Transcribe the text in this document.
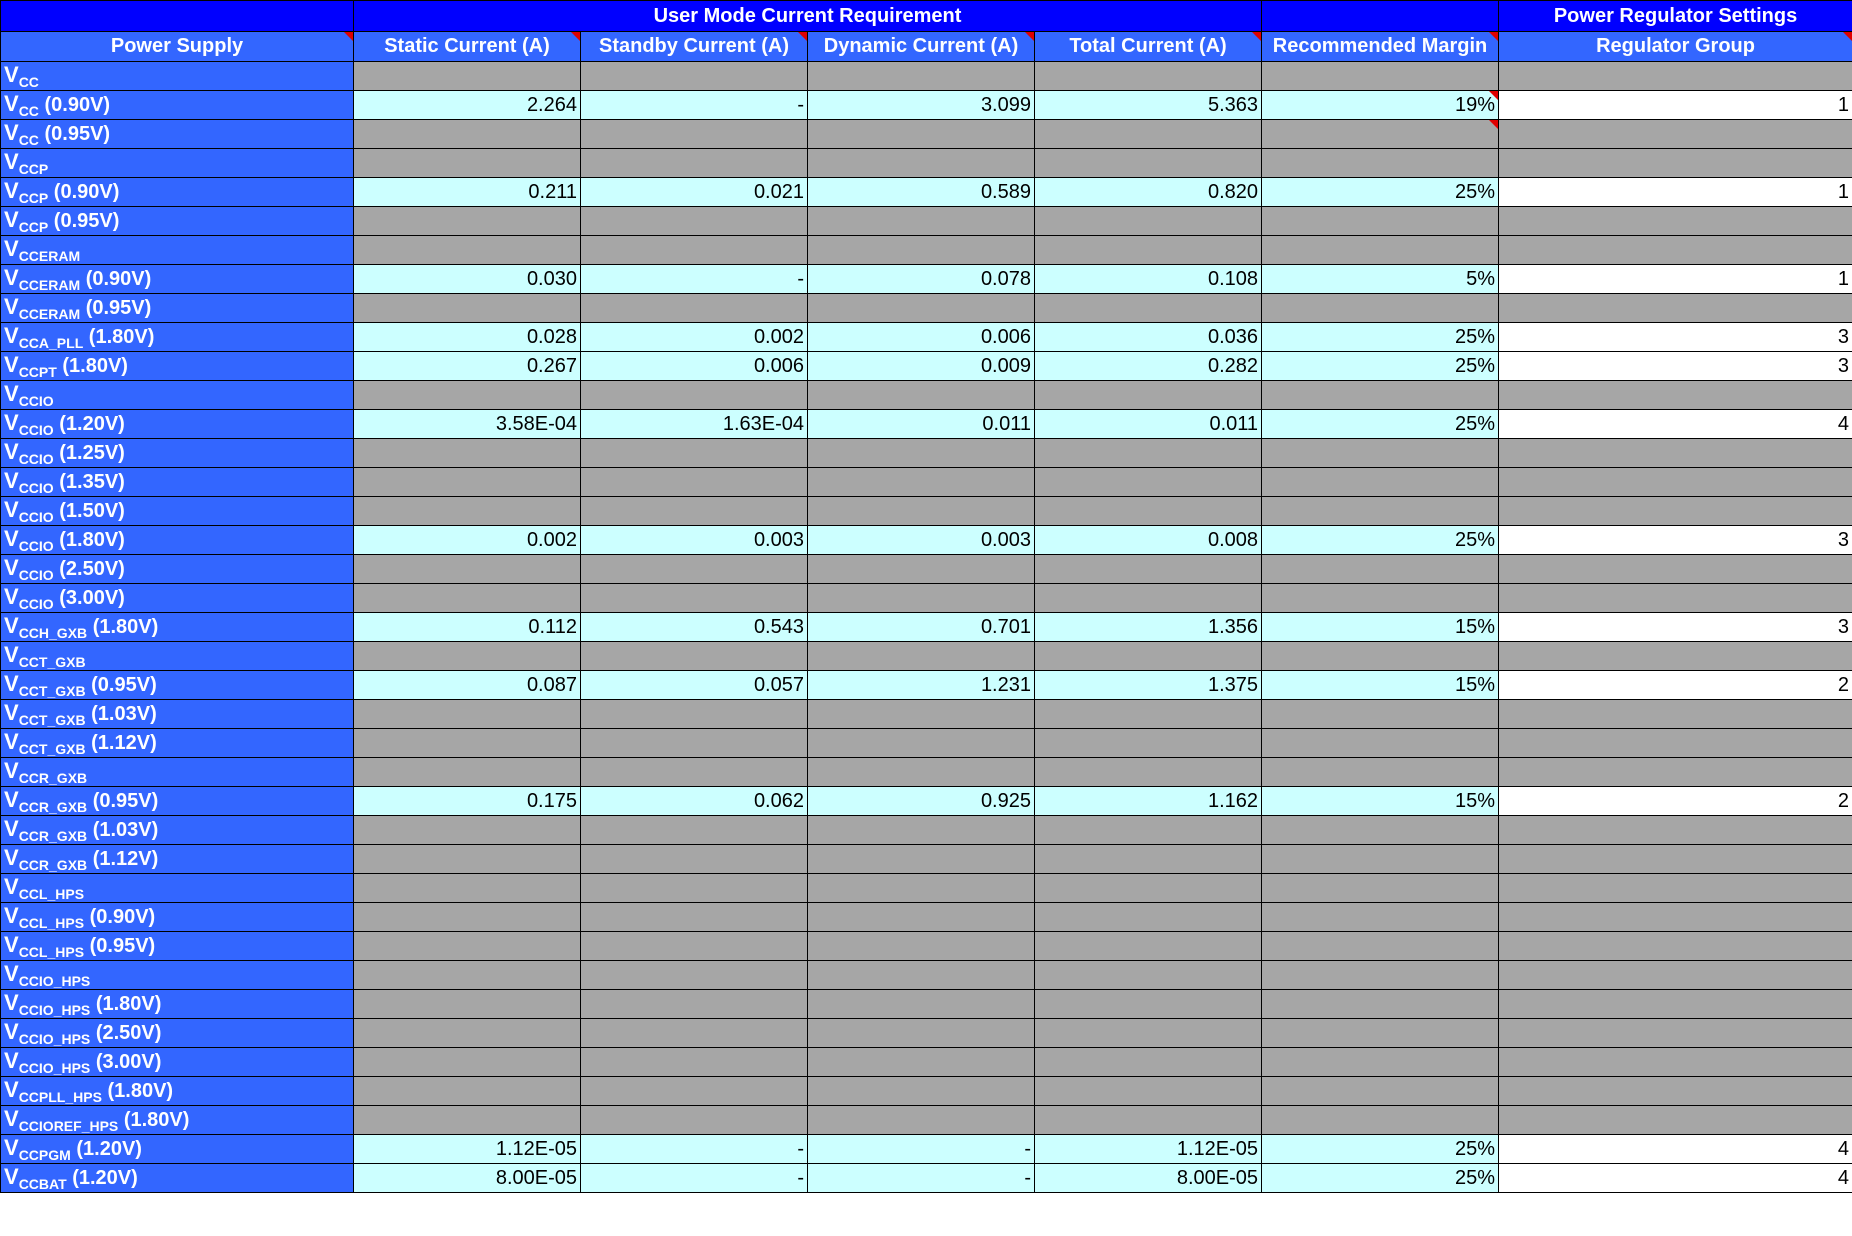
	User Mode Current Requirement					Power Regulator Settings
Power Supply	Static Current (A)	Standby Current (A)	Dynamic Current (A)	Total Current (A)	Recommended Margin	Regulator Group
$V_{CC}$						
$V_{CC}$ (0.90V)	2.264	-	3.099	5.363	19%	1
$V_{CC}$ (0.95V)						
$V_{CCP}$						
$V_{CCP}$ (0.90V)	0.211	0.021	0.589	0.820	25%	1
$V_{CCP}$ (0.95V)						
$V_{CCERAM}$						
$V_{CCERAM}$ (0.90V)	0.030	-	0.078	0.108	5%	1
$V_{CCERAM}$ (0.95V)						
$V_{CCA\_PLL}$ (1.80V)	0.028	0.002	0.006	0.036	25%	3
$V_{CCPT}$ (1.80V)	0.267	0.006	0.009	0.282	25%	3
$V_{CCIO}$						
$V_{CCIO}$ (1.20V)	3.58E-04	1.63E-04	0.011	0.011	25%	4
$V_{CCIO}$ (1.25V)						
$V_{CCIO}$ (1.35V)						
$V_{CCIO}$ (1.50V)						
$V_{CCIO}$ (1.80V)	0.002	0.003	0.003	0.008	25%	3
$V_{CCIO}$ (2.50V)						
$V_{CCIO}$ (3.00V)						
$V_{CCH\_GXB}$ (1.80V)	0.112	0.543	0.701	1.356	15%	3
$V_{CCT\_GXB}$						
$V_{CCT\_GXB}$ (0.95V)	0.087	0.057	1.231	1.375	15%	2
$V_{CCT\_GXB}$ (1.03V)						
$V_{CCT\_GXB}$ (1.12V)						
$V_{CCR\_GXB}$						
$V_{CCR\_GXB}$ (0.95V)	0.175	0.062	0.925	1.162	15%	2
$V_{CCR\_GXB}$ (1.03V)						
$V_{CCR\_GXB}$ (1.12V)						
$V_{CCL\_HPS}$						
$V_{CCL\_HPS}$ (0.90V)						
$V_{CCL\_HPS}$ (0.95V)						
$V_{CCIO\_HPS}$						
$V_{CCIO\_HPS}$ (1.80V)						
$V_{CCIO\_HPS}$ (2.50V)						
$V_{CCIO\_HPS}$ (3.00V)						
$V_{CCPLL\_HPS}$ (1.80V)						
$V_{CCIOREF\_HPS}$ (1.80V)						
$V_{CCPGM}$ (1.20V)	1.12E-05	-	-	1.12E-05	25%	4
$V_{CCBAT}$ (1.20V)	8.00E-05	-	-	8.00E-05	25%	4
